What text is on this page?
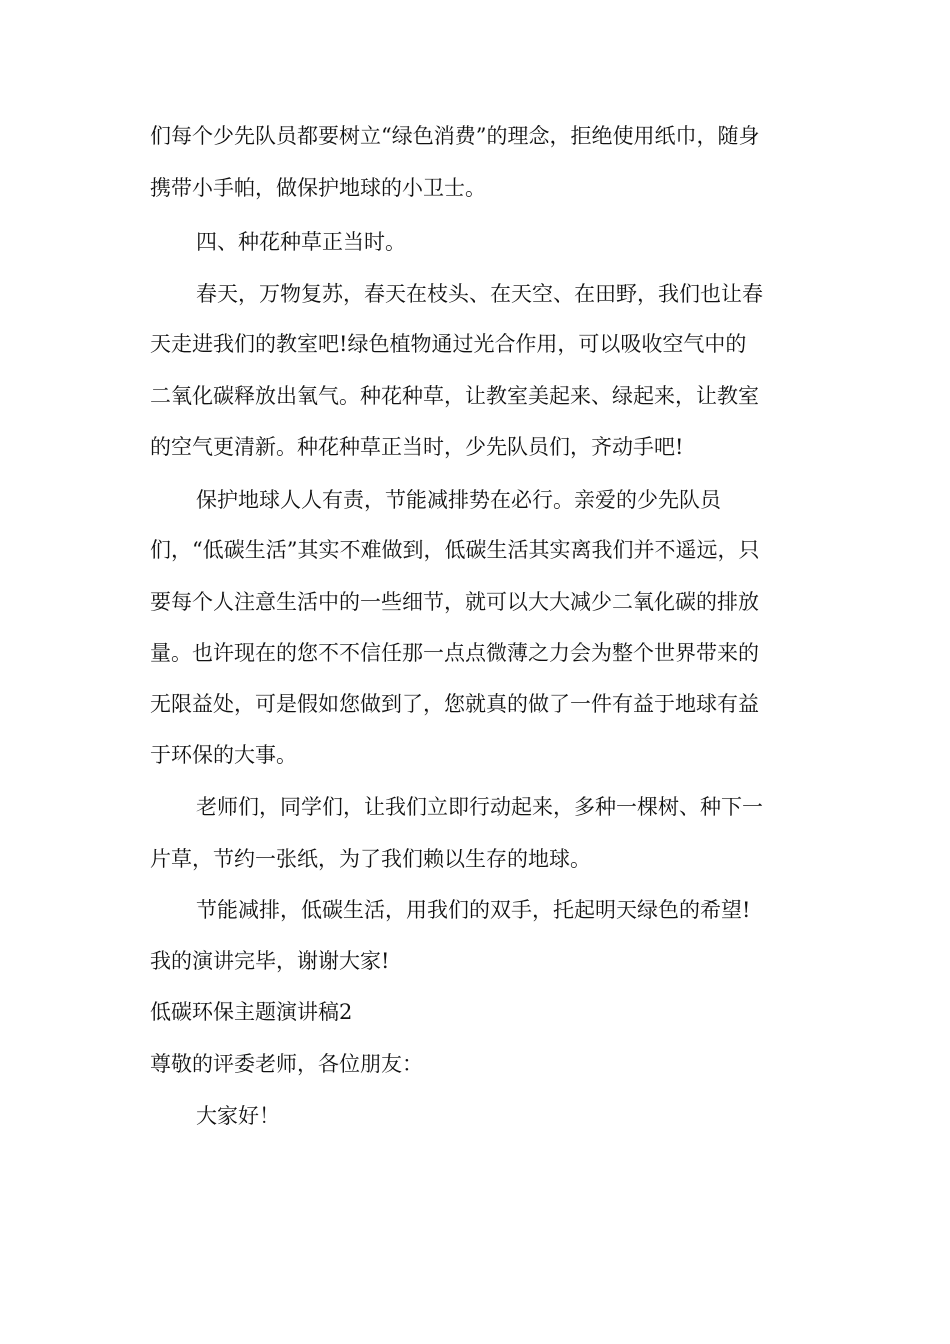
们每个少先队员都要树立“绿色消费”的理念，拒绝使用纸巾，随身
携带小手帕，做保护地球的小卫士。
四、种花种草正当时。
春天，万物复苏，春天在枝头、在天空、在田野，我们也让春
天走进我们的教室吧!绿色植物通过光合作用，可以吸收空气中的
二氧化碳释放出氧气。种花种草，让教室美起来、绿起来，让教室
的空气更清新。种花种草正当时，少先队员们，齐动手吧!
保护地球人人有责，节能减排势在必行。亲爱的少先队员
们，“低碳生活”其实不难做到，低碳生活其实离我们并不遥远，只
要每个人注意生活中的一些细节，就可以大大减少二氧化碳的排放
量。也许现在的您不不信任那一点点微薄之力会为整个世界带来的
无限益处，可是假如您做到了，您就真的做了一件有益于地球有益
于环保的大事。
老师们，同学们，让我们立即行动起来，多种一棵树、种下一
片草，节约一张纸，为了我们赖以生存的地球。
节能减排，低碳生活，用我们的双手，托起明天绿色的希望!
我的演讲完毕，谢谢大家!
低碳环保主题演讲稿2
尊敬的评委老师，各位朋友：
大家好！
